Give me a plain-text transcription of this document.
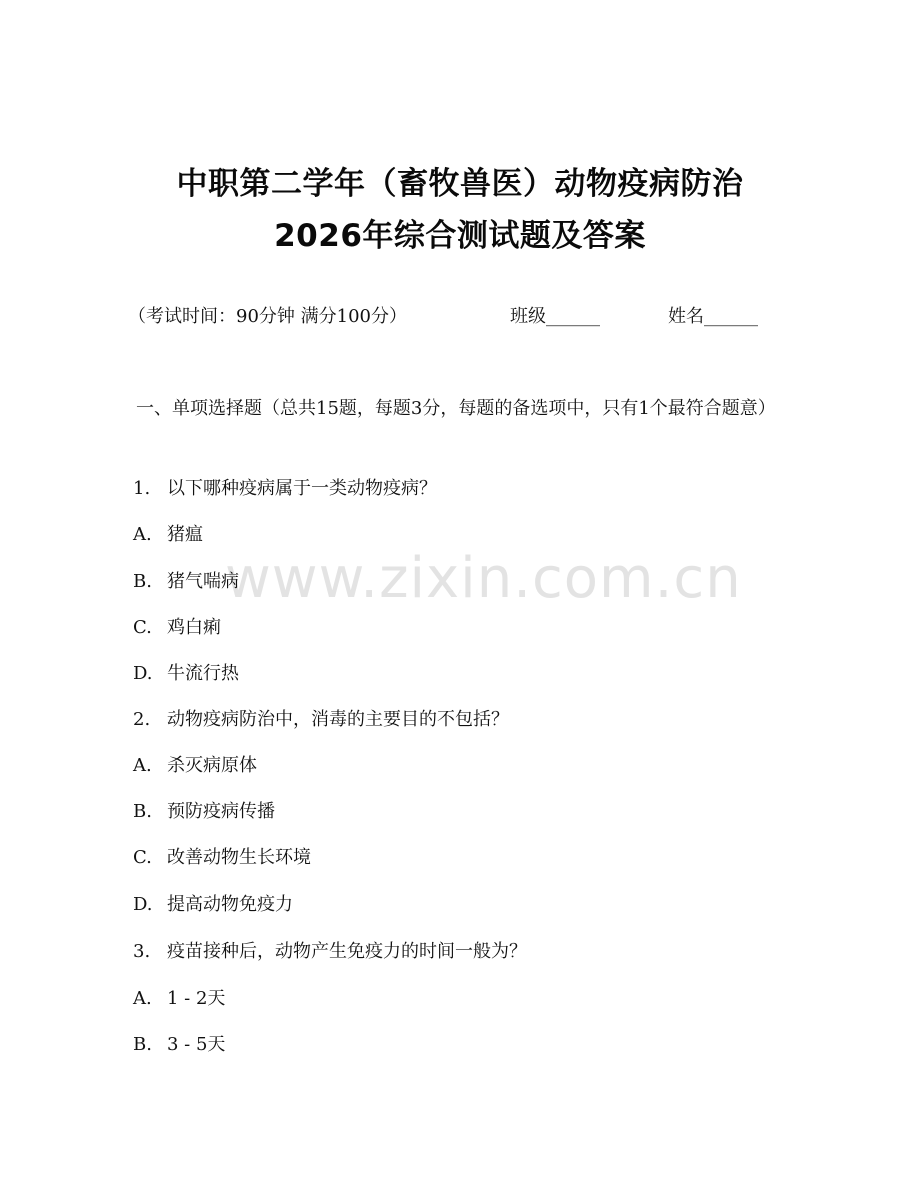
中职第二学年（畜牧兽医）动物疫病防治
2026年综合测试题及答案
（考试时间：90分钟 满分100分）	班级______	姓名______
一、单项选择题（总共15题，每题3分，每题的备选项中，只有1个最符合题意）
www.zixin.com.cn
1. 以下哪种疫病属于一类动物疫病？
A. 猪瘟
B. 猪气喘病
C. 鸡白痢
D. 牛流行热
2. 动物疫病防治中，消毒的主要目的不包括？
A. 杀灭病原体
B. 预防疫病传播
C. 改善动物生长环境
D. 提高动物免疫力
3. 疫苗接种后，动物产生免疫力的时间一般为？
A. 1 - 2天
B. 3 - 5天
